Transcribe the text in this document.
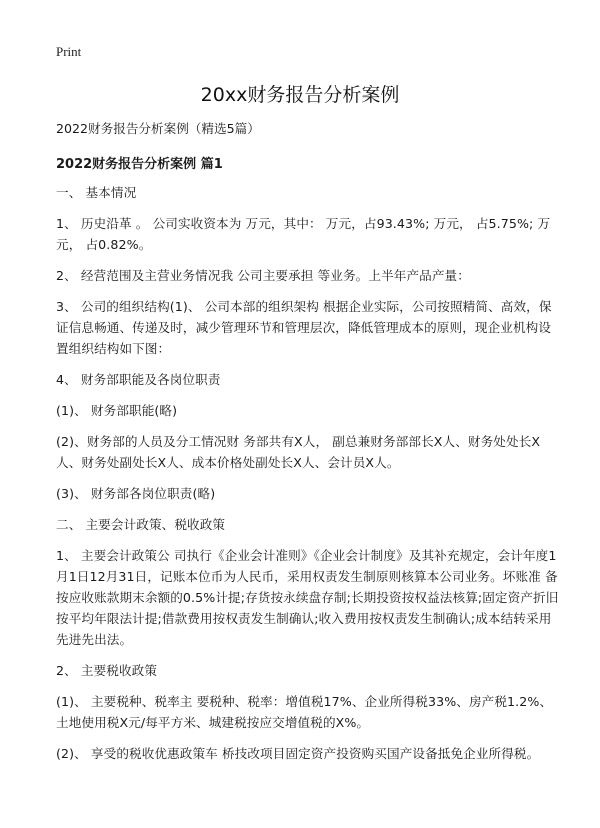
Print
20xx财务报告分析案例
2022财务报告分析案例（精选5篇）
2022财务报告分析案例 篇1
一、 基本情况
1、 历史沿革 。 公司实收资本为 万元，其中： 万元，占93.43%; 万元， 占5.75%; 万元， 占0.82%。
2、 经营范围及主营业务情况我 公司主要承担 等业务。上半年产品产量：
3、 公司的组织结构(1)、 公司本部的组织架构 根据企业实际，公司按照精简、高效，保证信息畅通、传递及时，减少管理环节和管理层次，降低管理成本的原则，现企业机构设置组织结构如下图：
4、 财务部职能及各岗位职责
(1)、 财务部职能(略)
(2)、财务部的人员及分工情况财 务部共有X人， 副总兼财务部部长X人、财务处处长X人、财务处副处长X人、成本价格处副处长X人、会计员X人。
(3)、 财务部各岗位职责(略)
二、 主要会计政策、税收政策
1、 主要会计政策公 司执行《企业会计准则》《企业会计制度》及其补充规定，会计年度1月1日12月31日，记账本位币为人民币，采用权责发生制原则核算本公司业务。坏账准 备按应收账款期末余额的0.5%计提;存货按永续盘存制;长期投资按权益法核算;固定资产折旧按平均年限法计提;借款费用按权责发生制确认;收入费用按权责发生制确认;成本结转采用先进先出法。
2、 主要税收政策
(1)、 主要税种、税率主 要税种、税率：增值税17%、企业所得税33%、房产税1.2%、土地使用税X元/每平方米、城建税按应交增值税的X%。
(2)、 享受的税收优惠政策车 桥技改项目固定资产投资购买国产设备抵免企业所得税。
